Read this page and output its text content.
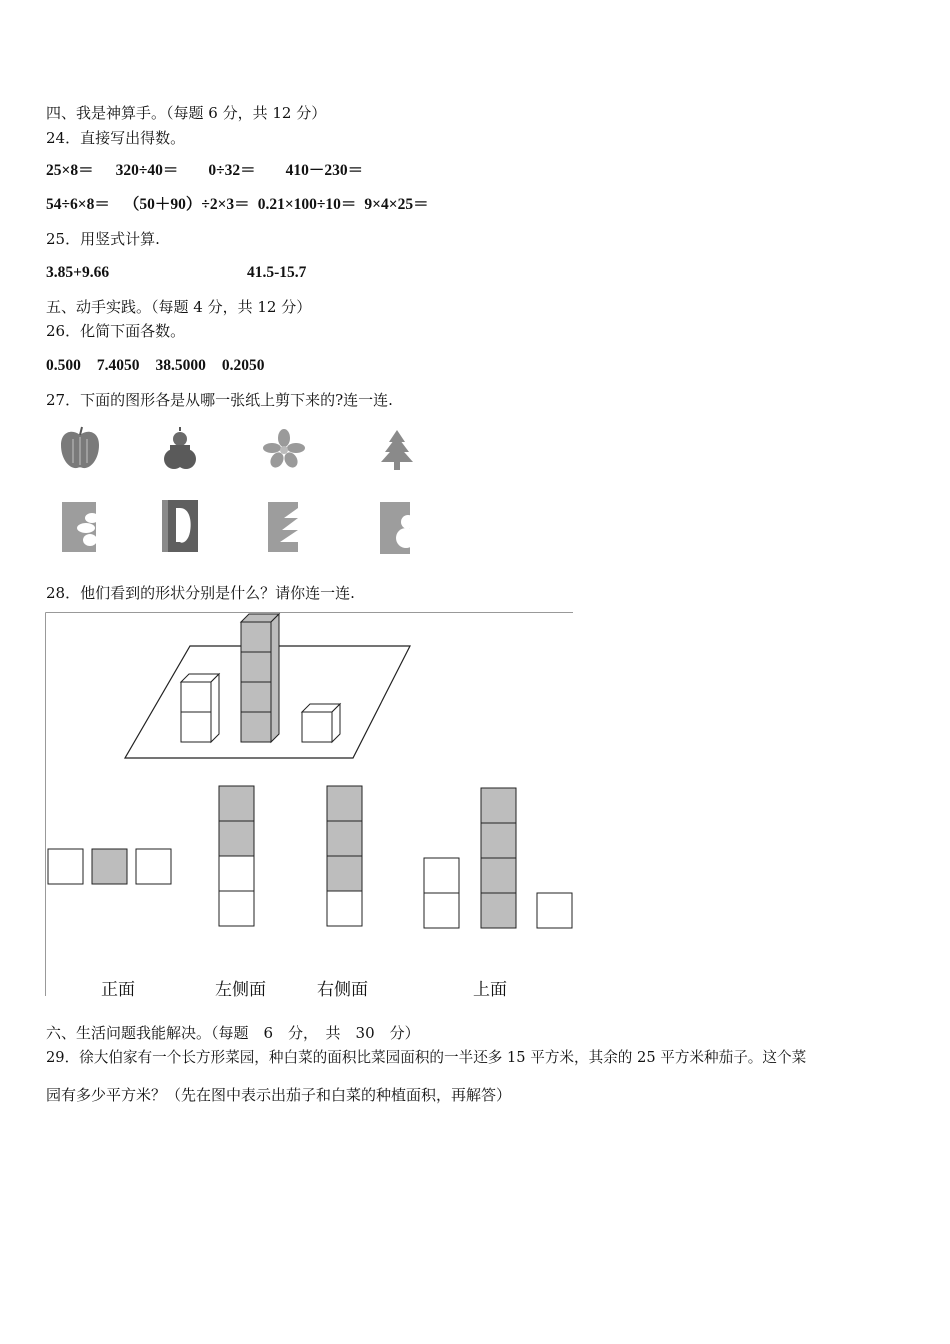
四、我是神算手。（每题 6 分，共 12 分）
24．直接写出得数。
25×8＝ 320÷40＝ 0÷32＝ 410－230＝
54÷6×8＝ （50＋90）÷2×3＝ 0.21×100÷10＝ 9×4×25＝
25．用竖式计算.
3.85+9.66	41.5-15.7
五、动手实践。（每题 4 分，共 12 分）
26．化简下面各数。
0.500 7.4050 38.5000 0.2050
27．下面的图形各是从哪一张纸上剪下来的?连一连.
28．他们看到的形状分别是什么？请你连一连.
正面	左侧面	右侧面	上面
六、生活问题我能解决。（每题　6　分，　共　30　分）
29．徐大伯家有一个长方形菜园，种白菜的面积比菜园面积的一半还多 15 平方米，其余的 25 平方米种茄子。这个菜
园有多少平方米？（先在图中表示出茄子和白菜的种植面积，再解答）
